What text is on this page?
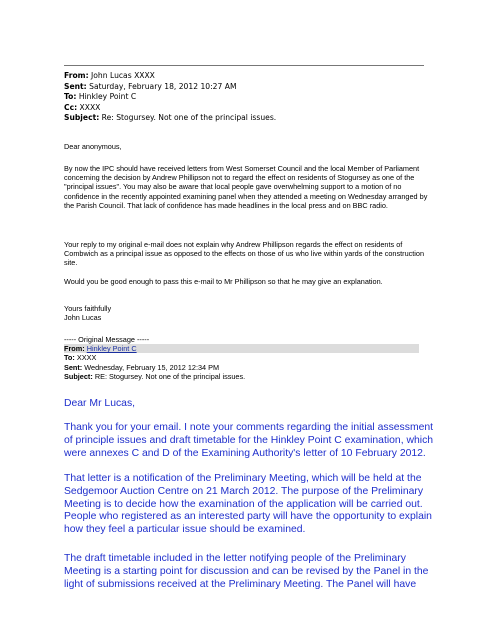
From: John Lucas XXXX
Sent: Saturday, February 18, 2012 10:27 AM
To: Hinkley Point C
Cc: XXXX
Subject: Re: Stogursey. Not one of the principal issues.

Dear anonymous,

By now the IPC should have received letters from West Somerset Council and the local Member of Parliament concerning the decision by Andrew Phillipson not to regard the effect on residents of Stogursey as one of the "principal issues". You may also be aware that local people gave overwhelming support to a motion of no confidence in the recently appointed examining panel when they attended a meeting on Wednesday arranged by the Parish Council. That lack of confidence has made headlines in the local press and on BBC radio.

Your reply to my original e-mail does not explain why Andrew Phillipson regards the effect on residents of Combwich as a principal issue as opposed to the effects on those of us who live within yards of the construction site.

Would you be good enough to pass this e-mail to Mr Phillipson so that he may give an explanation.

Yours faithfully
John Lucas
----- Original Message -----
From: Hinkley Point C
To: XXXX
Sent: Wednesday, February 15, 2012 12:34 PM
Subject: RE: Stogursey. Not one of the principal issues.

Dear Mr Lucas,

Thank you for your email. I note your comments regarding the initial assessment of principle issues and draft timetable for the Hinkley Point C examination, which were annexes C and D of the Examining Authority's letter of 10 February 2012.

That letter is a notification of the Preliminary Meeting, which will be held at the Sedgemoor Auction Centre on 21 March 2012. The purpose of the Preliminary Meeting is to decide how the examination of the application will be carried out. People who registered as an interested party will have the opportunity to explain how they feel a particular issue should be examined.

The draft timetable included in the letter notifying people of the Preliminary Meeting is a starting point for discussion and can be revised by the Panel in the light of submissions received at the Preliminary Meeting. The Panel will have
